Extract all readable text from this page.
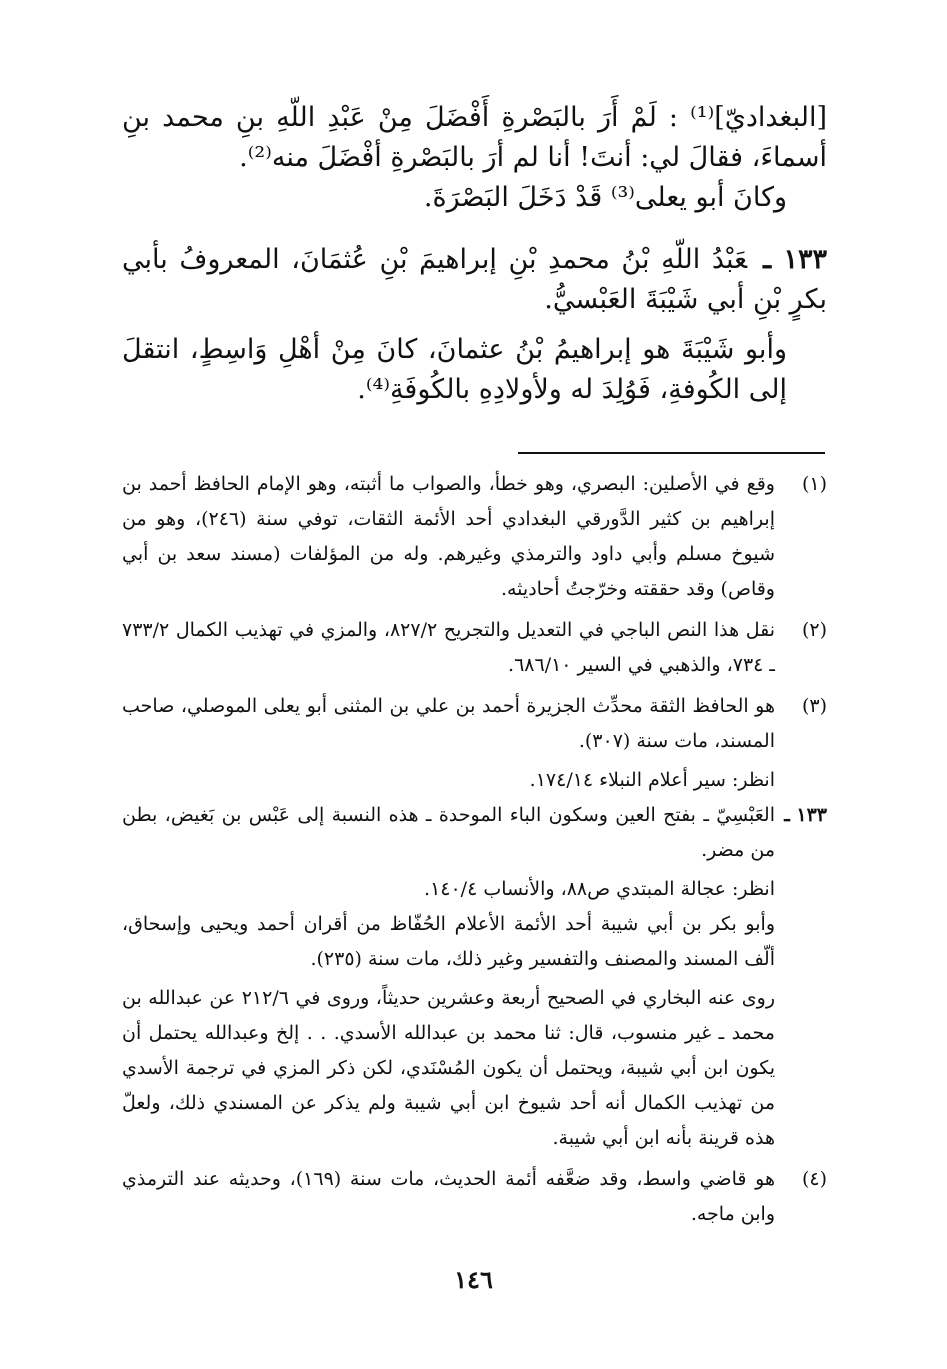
[البغداديّ]⁽¹⁾ : لَمْ أَرَ بالبَصْرةِ أَفْضَلَ مِنْ عَبْدِ اللّهِ بنِ محمد بنِ أسماءَ، فقالَ لي: أنتَ! أنا لم أرَ بالبَصْرةِ أفْضَلَ منه⁽²⁾.

وكانَ أبو يعلى⁽³⁾ قَدْ دَخَلَ البَصْرَةَ.

١٣٣ ـعَبْدُ اللّهِ بْنُ محمدِ بْنِ إبراهيمَ بْنِ عُثمَانَ، المعروفُ بأبي بكرٍ بْنِ أبي شَيْبَةَ العَبْسيُّ.

وأبو شَيْبَةَ هو إبراهيمُ بْنُ عثمانَ، كانَ مِنْ أهْلِ وَاسِطٍ، انتقلَ إلى الكُوفةِ، فَوُلِدَ له ولأولادِهِ بالكُوفَةِ⁽⁴⁾.

(١)

وقع في الأصلين: البصري، وهو خطأ، والصواب ما أثبته، وهو الإمام الحافظ أحمد بن إبراهيم بن كثير الدَّورقي البغدادي أحد الأئمة الثقات، توفي سنة (٢٤٦)، وهو من شيوخ مسلم وأبي داود والترمذي وغيرهم. وله من المؤلفات (مسند سعد بن أبي وقاص) وقد حققته وخرّجتُ أحاديثه.

(٢)

نقل هذا النص الباجي في التعديل والتجريح ٨٢٧/٢، والمزي في تهذيب الكمال ٧٣٣/٢ ـ ٧٣٤، والذهبي في السير ٦٨٦/١٠.

(٣)

هو الحافظ الثقة محدِّث الجزيرة أحمد بن علي بن المثنى أبو يعلى الموصلي، صاحب المسند، مات سنة (٣٠٧).

انظر: سير أعلام النبلاء ١٧٤/١٤.

١٣٣ ـ

العَبْسِيّ ـ بفتح العين وسكون الباء الموحدة ـ هذه النسبة إلى عَبْس بن بَغيض، بطن من مضر.

انظر: عجالة المبتدي ص٨٨، والأنساب ١٤٠/٤.

وأبو بكر بن أبي شيبة أحد الأئمة الأعلام الحُفّاظ من أقران أحمد ويحيى وإسحاق، ألّف المسند والمصنف والتفسير وغير ذلك، مات سنة (٢٣٥).

روى عنه البخاري في الصحيح أربعة وعشرين حديثاً، وروى في ٢١٢/٦ عن عبدالله بن محمد ـ غير منسوب، قال: ثنا محمد بن عبدالله الأسدي. . . إلخ وعبدالله يحتمل أن يكون ابن أبي شيبة، ويحتمل أن يكون المُسْنَدي، لكن ذكر المزي في ترجمة الأسدي من تهذيب الكمال أنه أحد شيوخ ابن أبي شيبة ولم يذكر عن المسندي ذلك، ولعلّ هذه قرينة بأنه ابن أبي شيبة.

(٤)

هو قاضي واسط، وقد ضعَّفه أئمة الحديث، مات سنة (١٦٩)، وحديثه عند الترمذي وابن ماجه.

١٤٦
